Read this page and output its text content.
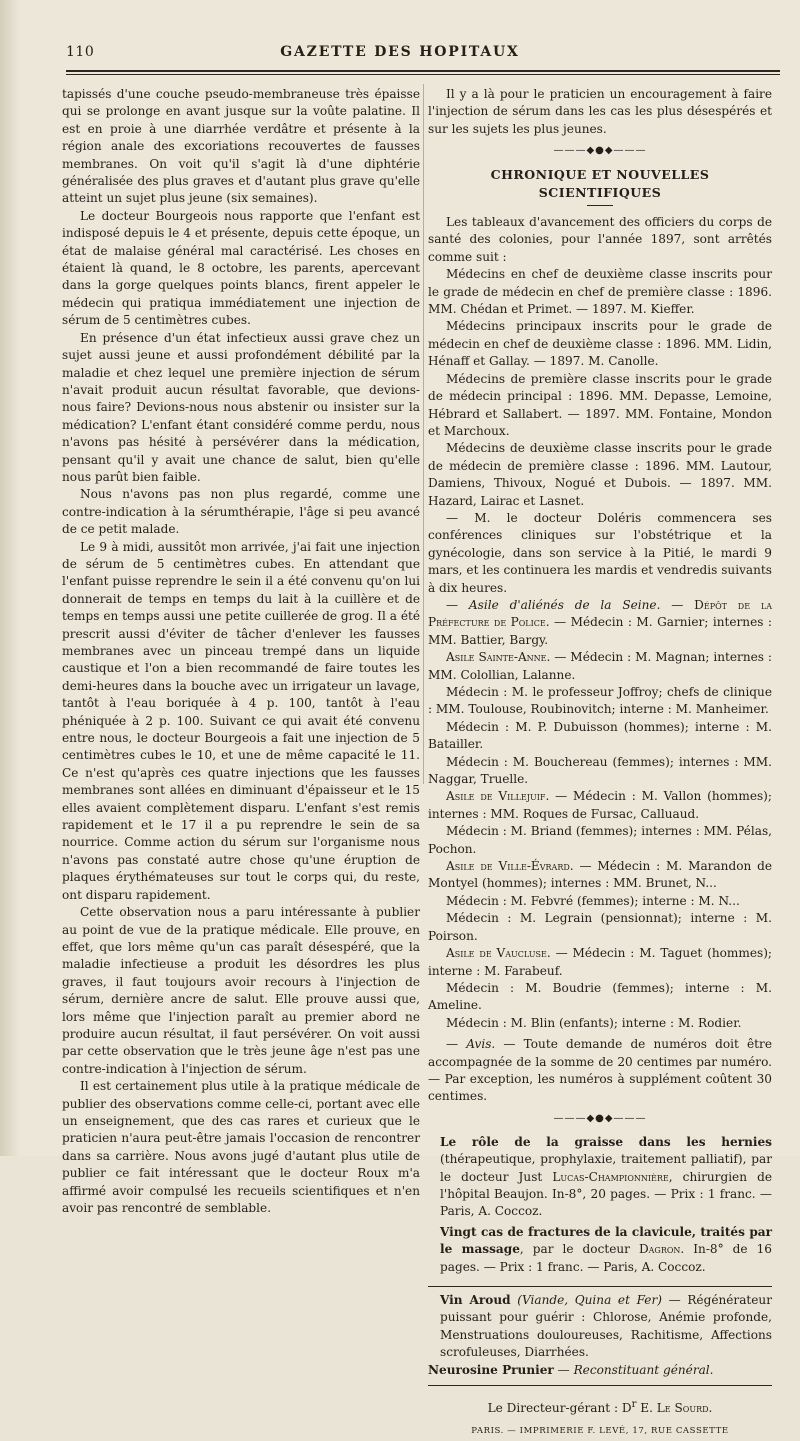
110	GAZETTE DES HOPITAUX

tapissés d'une couche pseudo-membraneuse très épaisse qui se prolonge en avant jusque sur la voûte palatine. Il est en proie à une diarrhée verdâtre et présente à la région anale des excoriations recouvertes de fausses membranes. On voit qu'il s'agit là d'une diphtérie généralisée des plus graves et d'autant plus grave qu'elle atteint un sujet plus jeune (six semaines).

Le docteur Bourgeois nous rapporte que l'enfant est indisposé depuis le 4 et présente, depuis cette époque, un état de malaise général mal caractérisé. Les choses en étaient là quand, le 8 octobre, les parents, apercevant dans la gorge quelques points blancs, firent appeler le médecin qui pratiqua immédiatement une injection de sérum de 5 centimètres cubes.

En présence d'un état infectieux aussi grave chez un sujet aussi jeune et aussi profondément débilité par la maladie et chez lequel une première injection de sérum n'avait produit aucun résultat favorable, que devions-nous faire? Devions-nous nous abstenir ou insister sur la médication? L'enfant étant considéré comme perdu, nous n'avons pas hésité à persévérer dans la médication, pensant qu'il y avait une chance de salut, bien qu'elle nous parût bien faible.

Nous n'avons pas non plus regardé, comme une contre-indication à la sérumthérapie, l'âge si peu avancé de ce petit malade.

Le 9 à midi, aussitôt mon arrivée, j'ai fait une injection de sérum de 5 centimètres cubes. En attendant que l'enfant puisse reprendre le sein il a été convenu qu'on lui donnerait de temps en temps du lait à la cuillère et de temps en temps aussi une petite cuillerée de grog. Il a été prescrit aussi d'éviter de tâcher d'enlever les fausses membranes avec un pinceau trempé dans un liquide caustique et l'on a bien recommandé de faire toutes les demi-heures dans la bouche avec un irrigateur un lavage, tantôt à l'eau boriquée à 4 p. 100, tantôt à l'eau phéniquée à 2 p. 100. Suivant ce qui avait été convenu entre nous, le docteur Bourgeois a fait une injection de 5 centimètres cubes le 10, et une de même capacité le 11. Ce n'est qu'après ces quatre injections que les fausses membranes sont allées en diminuant d'épaisseur et le 15 elles avaient complètement disparu. L'enfant s'est remis rapidement et le 17 il a pu reprendre le sein de sa nourrice. Comme action du sérum sur l'organisme nous n'avons pas constaté autre chose qu'une éruption de plaques érythémateuses sur tout le corps qui, du reste, ont disparu rapidement.

Cette observation nous a paru intéressante à publier au point de vue de la pratique médicale. Elle prouve, en effet, que lors même qu'un cas paraît désespéré, que la maladie infectieuse a produit les désordres les plus graves, il faut toujours avoir recours à l'injection de sérum, dernière ancre de salut. Elle prouve aussi que, lors même que l'injection paraît au premier abord ne produire aucun résultat, il faut persévérer. On voit aussi par cette observation que le très jeune âge n'est pas une contre-indication à l'injection de sérum.

Il est certainement plus utile à la pratique médicale de publier des observations comme celle-ci, portant avec elle un enseignement, que des cas rares et curieux que le praticien n'aura peut-être jamais l'occasion de rencontrer dans sa carrière. Nous avons jugé d'autant plus utile de publier ce fait intéressant que le docteur Roux m'a affirmé avoir compulsé les recueils scientifiques et n'en avoir pas rencontré de semblable.

Il y a là pour le praticien un encouragement à faire l'injection de sérum dans les cas les plus désespérés et sur les sujets les plus jeunes.

———◆●◆———

CHRONIQUE ET NOUVELLES SCIENTIFIQUES

Les tableaux d'avancement des officiers du corps de santé des colonies, pour l'année 1897, sont arrêtés comme suit :

Médecins en chef de deuxième classe inscrits pour le grade de médecin en chef de première classe : 1896. MM. Chédan et Primet. — 1897. M. Kieffer.

Médecins principaux inscrits pour le grade de médecin en chef de deuxième classe : 1896. MM. Lidin, Hénaff et Gallay. — 1897. M. Canolle.

Médecins de première classe inscrits pour le grade de médecin principal : 1896. MM. Depasse, Lemoine, Hébrard et Sallabert. — 1897. MM. Fontaine, Mondon et Marchoux.

Médecins de deuxième classe inscrits pour le grade de médecin de première classe : 1896. MM. Lautour, Damiens, Thivoux, Nogué et Dubois. — 1897. MM. Hazard, Lairac et Lasnet.

— M. le docteur Doléris commencera ses conférences cliniques sur l'obstétrique et la gynécologie, dans son service à la Pitié, le mardi 9 mars, et les continuera les mardis et vendredis suivants à dix heures.

— Asile d'aliénés de la Seine. — Dépôt de la Préfecture de Police. — Médecin : M. Garnier; internes : MM. Battier, Bargy.

Asile Sainte-Anne. — Médecin : M. Magnan; internes : MM. Colollian, Lalanne.

Médecin : M. le professeur Joffroy; chefs de clinique : MM. Toulouse, Roubinovitch; interne : M. Manheimer.

Médecin : M. P. Dubuisson (hommes); interne : M. Batailler.

Médecin : M. Bouchereau (femmes); internes : MM. Naggar, Truelle.

Asile de Villejuif. — Médecin : M. Vallon (hommes); internes : MM. Roques de Fursac, Calluaud.

Médecin : M. Briand (femmes); internes : MM. Pélas, Pochon.

Asile de Ville-Évrard. — Médecin : M. Marandon de Montyel (hommes); internes : MM. Brunet, N...

Médecin : M. Febvré (femmes); interne : M. N...

Médecin : M. Legrain (pensionnat); interne : M. Poirson.

Asile de Vaucluse. — Médecin : M. Taguet (hommes); interne : M. Farabeuf.

Médecin : M. Boudrie (femmes); interne : M. Ameline.

Médecin : M. Blin (enfants); interne : M. Rodier.

— Avis. — Toute demande de numéros doit être accompagnée de la somme de 20 centimes par numéro. — Par exception, les numéros à supplément coûtent 30 centimes.

———◆●◆———

Le rôle de la graisse dans les hernies (thérapeutique, prophylaxie, traitement palliatif), par le docteur Just Lucas-Championnière, chirurgien de l'hôpital Beaujon. In-8°, 20 pages. — Prix : 1 franc. — Paris, A. Coccoz.

Vingt cas de fractures de la clavicule, traités par le massage, par le docteur Dagron. In-8° de 16 pages. — Prix : 1 franc. — Paris, A. Coccoz.

Vin Aroud (Viande, Quina et Fer) — Régénérateur puissant pour guérir : Chlorose, Anémie profonde, Menstruations douloureuses, Rachitisme, Affections scrofuleuses, Diarrhées.

Neurosine Prunier — Reconstituant général.

Le Directeur-gérant : $D^r$ E. Le Sourd.

PARIS. — IMPRIMERIE F. LEVÉ, 17, RUE CASSETTE
